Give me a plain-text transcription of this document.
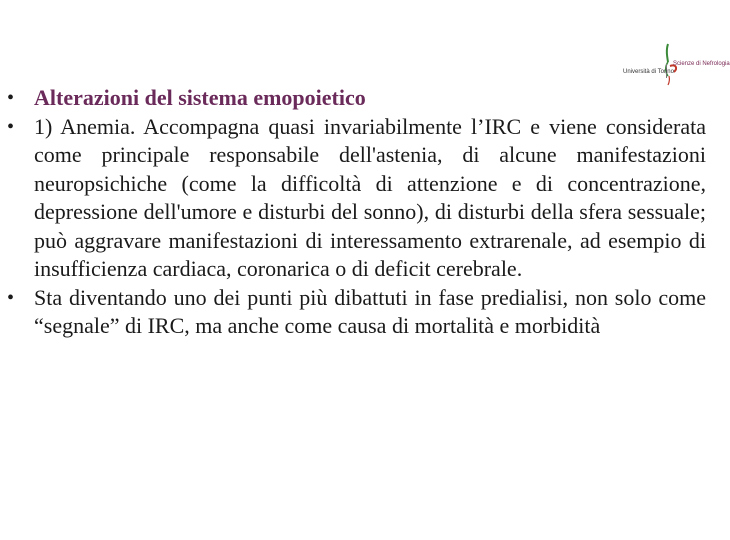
Università di Torino
Scienze di Nefrologia
• Alterazioni del sistema emopoietico
• 1) Anemia. Accompagna quasi invariabilmente l’IRC e viene considerata come principale responsabile dell'astenia, di alcune manifestazioni neuropsichiche (come la difficoltà di attenzione e di concentrazione, depressione dell'umore e disturbi del sonno), di disturbi della sfera sessuale; può aggravare manifestazioni di interessamento extrarenale, ad esempio di insufficienza cardiaca, coronarica o di deficit cerebrale.
• Sta diventando uno dei punti più dibattuti in fase predialisi, non solo come “segnale” di IRC, ma anche come causa di mortalità e morbidità
